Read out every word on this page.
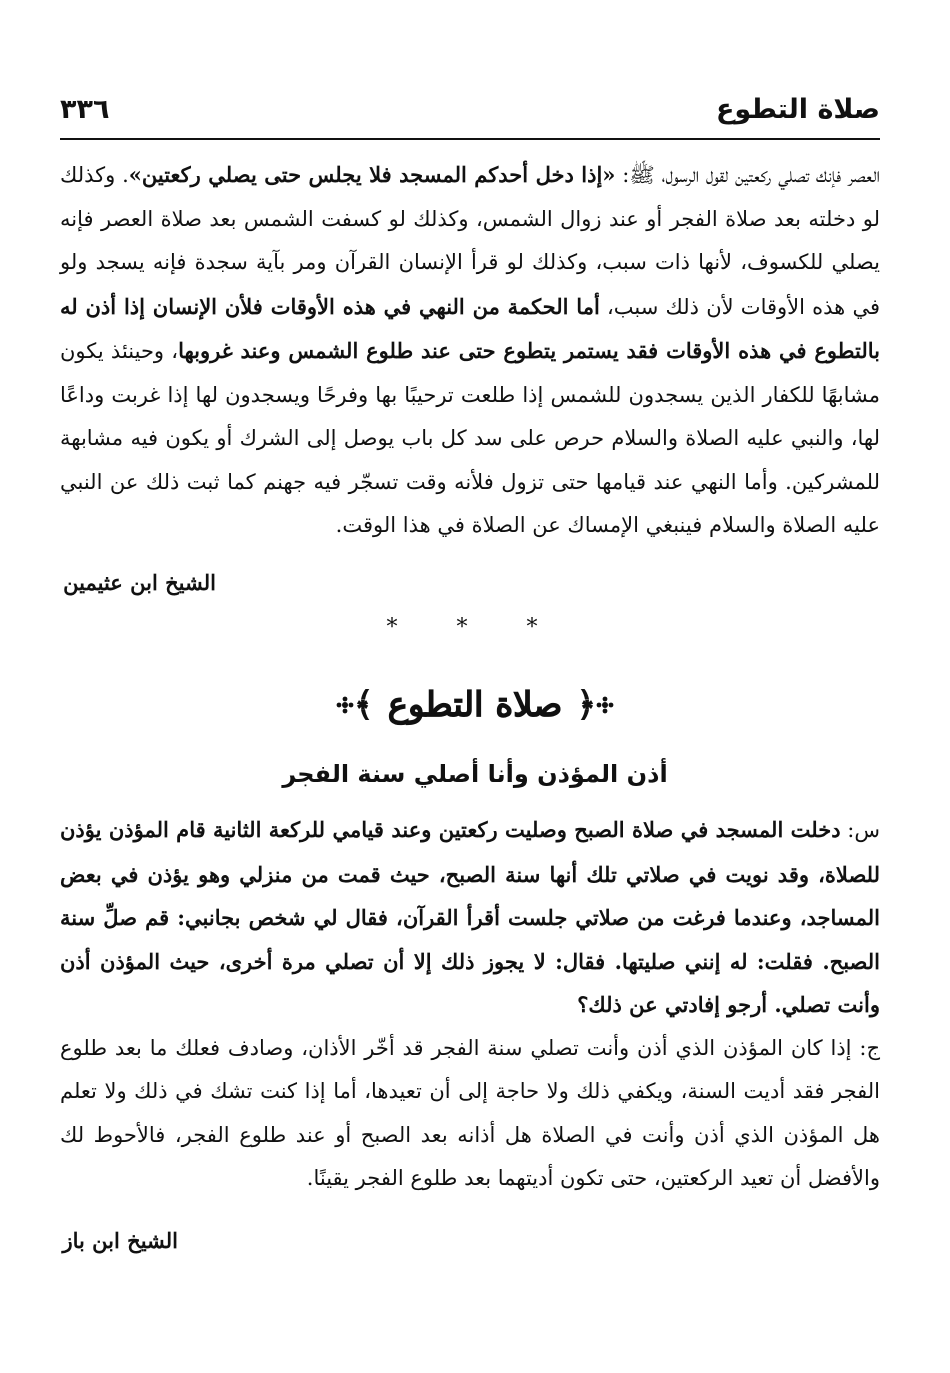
صلاة التطوع
٣٣٦

العصر فإنك تصلي ركعتين لقول الرسول، ﷺ: «إذا دخل أحدكم المسجد فلا يجلس حتى يصلي ركعتين». وكذلك لو دخلته بعد صلاة الفجر أو عند زوال الشمس، وكذلك لو كسفت الشمس بعد صلاة العصر فإنه يصلي للكسوف، لأنها ذات سبب، وكذلك لو قرأ الإنسان القرآن ومر بآية سجدة فإنه يسجد ولو في هذه الأوقات لأن ذلك سبب، أما الحكمة من النهي في هذه الأوقات فلأن الإنسان إذا أذن له بالتطوع في هذه الأوقات فقد يستمر يتطوع حتى عند طلوع الشمس وعند غروبها، وحينئذ يكون مشابهًا للكفار الذين يسجدون للشمس إذا طلعت ترحيبًا بها وفرحًا ويسجدون لها إذا غربت وداعًا لها، والنبي عليه الصلاة والسلام حرص على سد كل باب يوصل إلى الشرك أو يكون فيه مشابهة للمشركين. وأما النهي عند قيامها حتى تزول فلأنه وقت تسجّر فيه جهنم كما ثبت ذلك عن النبي عليه الصلاة والسلام فينبغي الإمساك عن الصلاة في هذا الوقت.

الشيخ ابن عثيمين
* * *
﴿
صلاة التطوع
﴾
أذن المؤذن وأنا أصلي سنة الفجر

س: دخلت المسجد في صلاة الصبح وصليت ركعتين وعند قيامي للركعة الثانية قام المؤذن يؤذن للصلاة، وقد نويت في صلاتي تلك أنها سنة الصبح، حيث قمت من منزلي وهو يؤذن في بعض المساجد، وعندما فرغت من صلاتي جلست أقرأ القرآن، فقال لي شخص بجانبي: قم صلِّ سنة الصبح. فقلت: له إنني صليتها. فقال: لا يجوز ذلك إلا أن تصلي مرة أخرى، حيث المؤذن أذن وأنت تصلي. أرجو إفادتي عن ذلك؟

ج: إذا كان المؤذن الذي أذن وأنت تصلي سنة الفجر قد أخّر الأذان، وصادف فعلك ما بعد طلوع الفجر فقد أديت السنة، ويكفي ذلك ولا حاجة إلى أن تعيدها، أما إذا كنت تشك في ذلك ولا تعلم هل المؤذن الذي أذن وأنت في الصلاة هل أذانه بعد الصبح أو عند طلوع الفجر، فالأحوط لك والأفضل أن تعيد الركعتين، حتى تكون أديتهما بعد طلوع الفجر يقينًا.

الشيخ ابن باز
